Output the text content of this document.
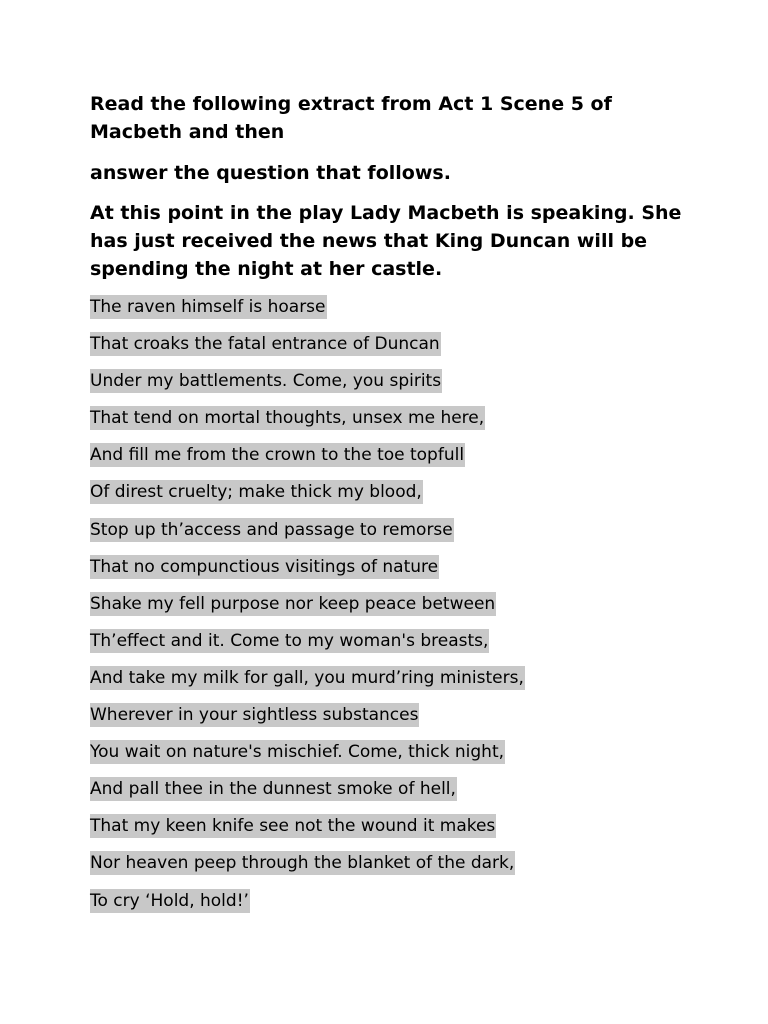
Read the following extract from Act 1 Scene 5 of Macbeth and then

answer the question that follows.

At this point in the play Lady Macbeth is speaking. She has just received the news that King Duncan will be spending the night at her castle.

The raven himself is hoarse
That croaks the fatal entrance of Duncan
Under my battlements. Come, you spirits
That tend on mortal thoughts, unsex me here,
And fill me from the crown to the toe topfull
Of direst cruelty; make thick my blood,
Stop up th’access and passage to remorse
That no compunctious visitings of nature
Shake my fell purpose nor keep peace between
Th’effect and it. Come to my woman's breasts,
And take my milk for gall, you murd’ring ministers,
Wherever in your sightless substances
You wait on nature's mischief. Come, thick night,
And pall thee in the dunnest smoke of hell,
That my keen knife see not the wound it makes
Nor heaven peep through the blanket of the dark,
To cry ‘Hold, hold!’
